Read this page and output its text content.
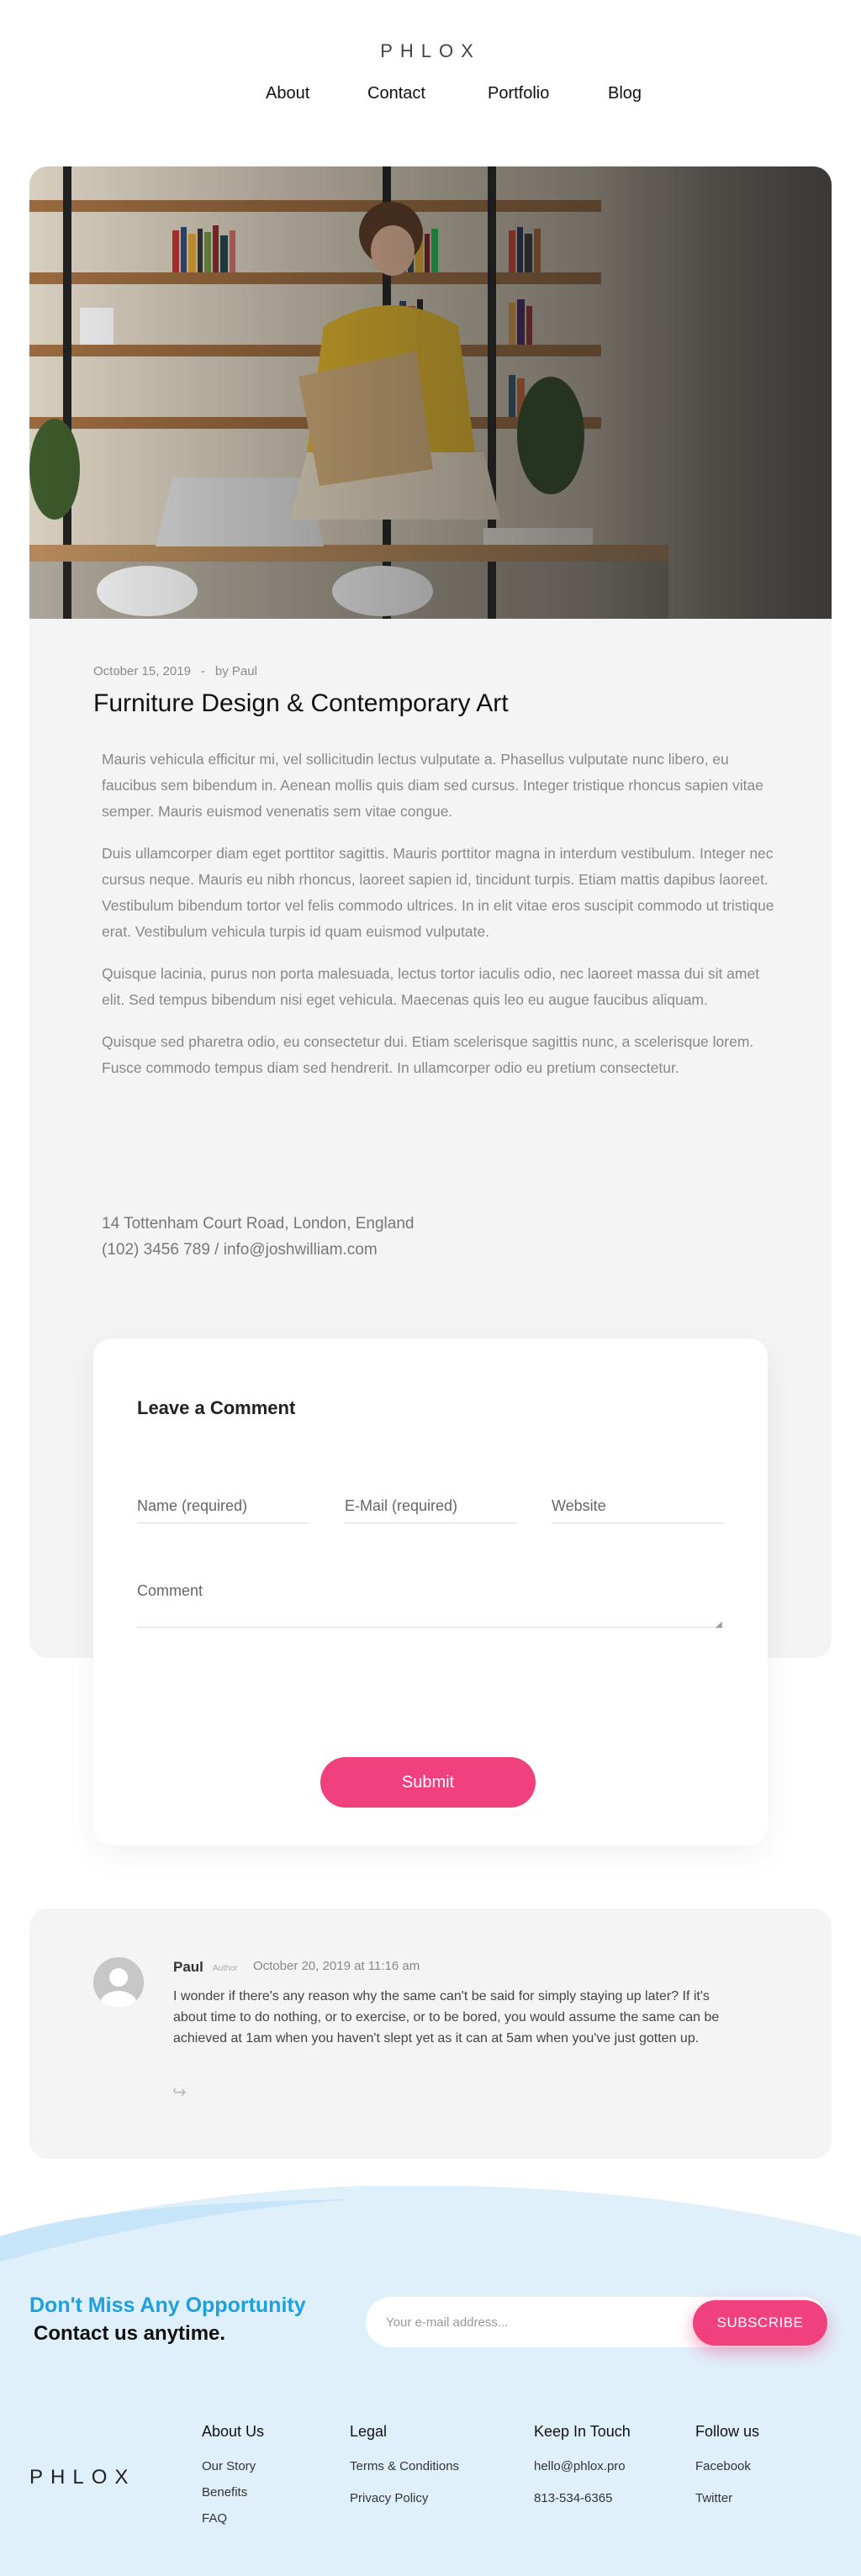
PHLOX
About	Contact	Portfolio	Blog
October 15, 2019 - by Paul
Furniture Design & Contemporary Art

Mauris vehicula efficitur mi, vel sollicitudin lectus vulputate a. Phasellus vulputate nunc libero, eu faucibus sem bibendum in. Aenean mollis quis diam sed cursus. Integer tristique rhoncus sapien vitae semper. Mauris euismod venenatis sem vitae congue.

Duis ullamcorper diam eget porttitor sagittis. Mauris porttitor magna in interdum vestibulum. Integer nec cursus neque. Mauris eu nibh rhoncus, laoreet sapien id, tincidunt turpis. Etiam mattis dapibus laoreet. Vestibulum bibendum tortor vel felis commodo ultrices. In in elit vitae eros suscipit commodo ut tristique erat. Vestibulum vehicula turpis id quam euismod vulputate.

Quisque lacinia, purus non porta malesuada, lectus tortor iaculis odio, nec laoreet massa dui sit amet elit. Sed tempus bibendum nisi eget vehicula. Maecenas quis leo eu augue faucibus aliquam.

Quisque sed pharetra odio, eu consectetur dui. Etiam scelerisque sagittis nunc, a scelerisque lorem. Fusce commodo tempus diam sed hendrerit. In ullamcorper odio eu pretium consectetur.

14 Tottenham Court Road, London, England
(102) 3456 789 / info@joshwilliam.com
Leave a Comment
Name (required)
E-Mail (required)
Website
Comment
◢
Submit
Paul Author October 20, 2019 at 11:16 am

I wonder if there's any reason why the same can't be said for simply staying up later? If it's about time to do nothing, or to exercise, or to be bored, you would assume the same can be achieved at 1am when you haven't slept yet as it can at 5am when you've just gotten up.

↪
Don't Miss Any Opportunity
Contact us anytime.
Your e-mail address...	SUBSCRIBE
PHLOX
About Us
Our Story
Benefits
FAQ
Legal
Terms & Conditions
Privacy Policy
Keep In Touch
hello@phlox.pro
813-534-6365
Follow us
Facebook
Twitter
